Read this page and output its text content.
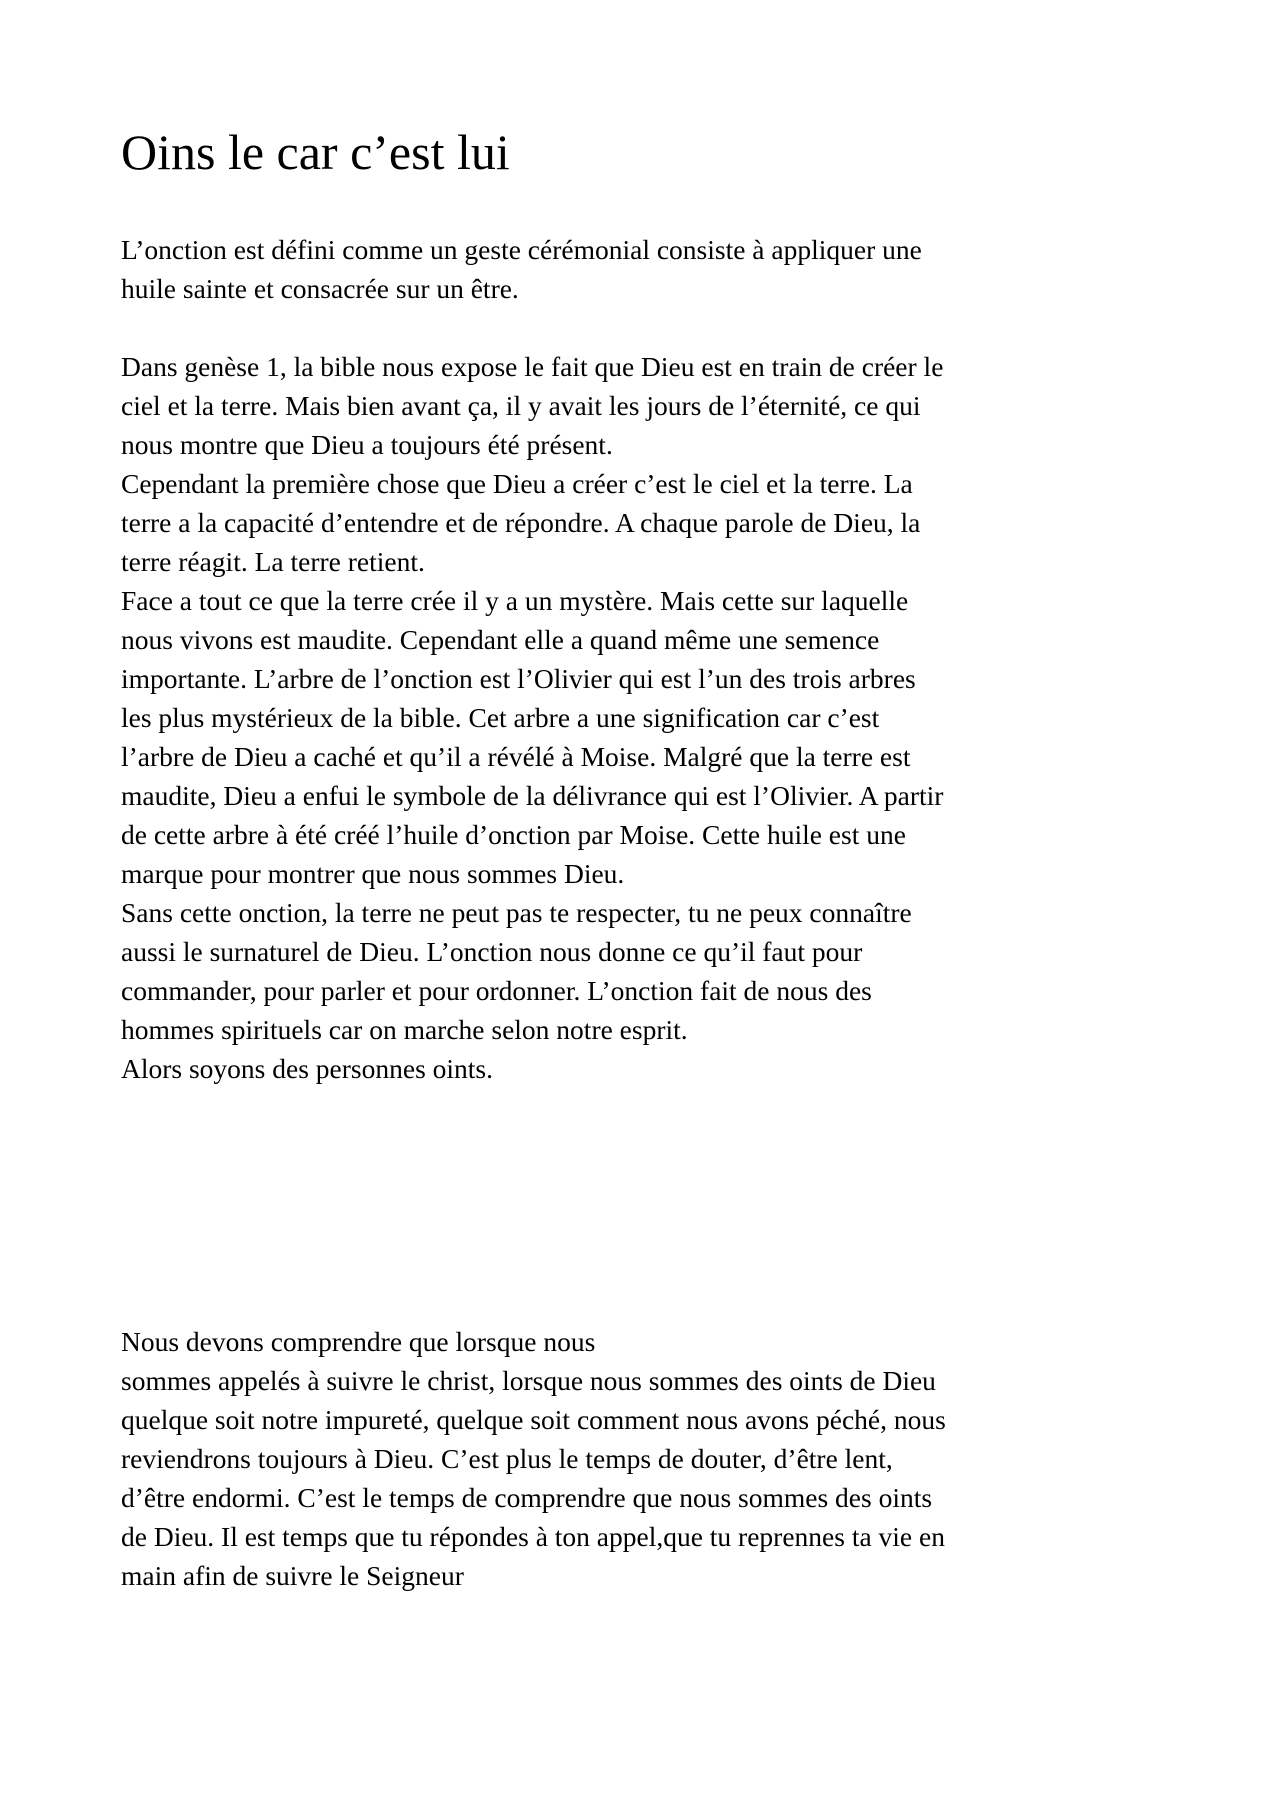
Oins le car c’est lui
L’onction est défini comme un geste cérémonial consiste à appliquer une
huile sainte et consacrée sur un être.
Dans genèse 1, la bible nous expose le fait que Dieu est en train de créer le
ciel et la terre. Mais bien avant ça, il y avait les jours de l’éternité, ce qui
nous montre que Dieu a toujours été présent.
Cependant la première chose que Dieu a créer c’est le ciel et la terre. La
terre a la capacité d’entendre et de répondre. A chaque parole de Dieu, la
terre réagit. La terre retient.
Face a tout ce que la terre crée il y a un mystère. Mais cette sur laquelle
nous vivons est maudite. Cependant elle a quand même une semence
importante. L’arbre de l’onction est l’Olivier qui est l’un des trois arbres
les plus mystérieux de la bible. Cet arbre a une signification car c’est
l’arbre de Dieu a caché et qu’il a révélé à Moise. Malgré que la terre est
maudite, Dieu a enfui le symbole de la délivrance qui est l’Olivier. A partir
de cette arbre à été créé l’huile d’onction par Moise. Cette huile est une
marque pour montrer que nous sommes Dieu.
Sans cette onction, la terre ne peut pas te respecter, tu ne peux connaître
aussi le surnaturel de Dieu. L’onction nous donne ce qu’il faut pour
commander, pour parler et pour ordonner. L’onction fait de nous des
hommes spirituels car on marche selon notre esprit.
Alors soyons des personnes oints.
Nous devons comprendre que lorsque nous
sommes appelés à suivre le christ, lorsque nous sommes des oints de Dieu
quelque soit notre impureté, quelque soit comment nous avons péché, nous
reviendrons toujours à Dieu. C’est plus le temps de douter, d’être lent,
d’être endormi. C’est le temps de comprendre que nous sommes des oints
de Dieu. Il est temps que tu répondes à ton appel,que tu reprennes ta vie en
main afin de suivre le Seigneur
